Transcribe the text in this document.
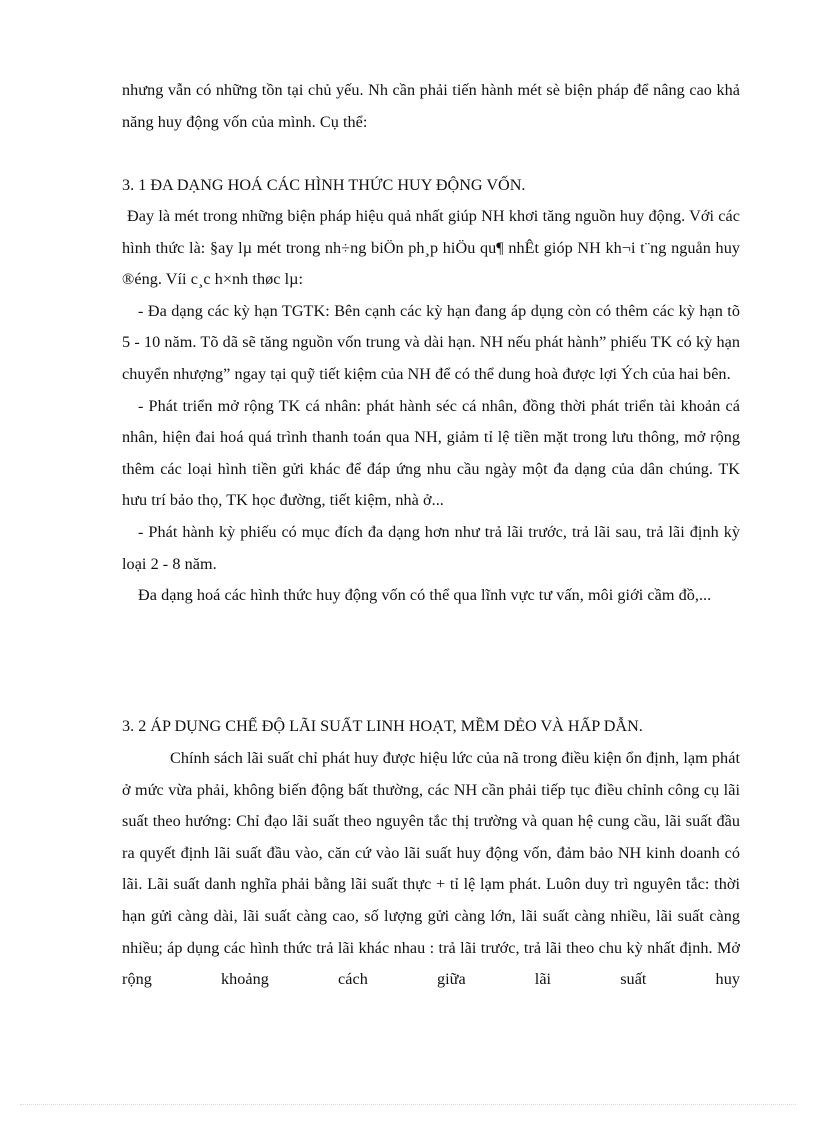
nhưng vẫn có những tồn tại chủ yếu. Nh cần phải tiến hành mét sè biện pháp để nâng cao khả năng huy động vốn của mình. Cụ thể:

3. 1 ĐA DẠNG HOÁ CÁC HÌNH THỨC HUY ĐỘNG VỐN.

Đay là mét trong những biện pháp hiệu quả nhất giúp NH khơi tăng nguồn huy động. Với các hình thức là: §ay lµ mét trong nh÷ng biÖn ph¸p hiÖu qu¶ nhÊt gióp NH kh¬i t¨ng nguån huy ®éng. Víi c¸c h×nh thøc lµ:

- Đa dạng các kỳ hạn TGTK: Bên cạnh các kỳ hạn đang áp dụng còn có thêm các kỳ hạn tõ 5 - 10 năm. Tõ dã sẽ tăng nguồn vốn trung và dài hạn. NH nếu phát hành” phiếu TK có kỳ hạn chuyển nhượng” ngay tại quỹ tiết kiệm của NH để có thể dung hoà được lợi Ých của hai bên.

- Phát triển mở rộng TK cá nhân: phát hành séc cá nhân, đồng thời phát triển tài khoản cá nhân, hiện đai hoá quá trình thanh toán qua NH, giảm tỉ lệ tiền mặt trong lưu thông, mở rộng thêm các loại hình tiền gửi khác để đáp ứng nhu cầu ngày một đa dạng của dân chúng. TK hưu trí bảo thọ, TK học đường, tiết kiệm, nhà ở...

- Phát hành kỳ phiếu có mục đích đa dạng hơn như trả lãi trước, trả lãi sau, trả lãi định kỳ loại 2 - 8 năm.

Đa dạng hoá các hình thức huy động vốn có thể qua lĩnh vực tư vấn, môi giới cầm đồ,...

3. 2 ÁP DỤNG CHẾ ĐỘ LÃI SUẤT LINH HOẠT, MỀM DẺO VÀ HẤP DẪN.

Chính sách lãi suất chỉ phát huy được hiệu lức của nã trong điều kiện ổn định, lạm phát ở mức vừa phải, không biến động bất thường, các NH cần phải tiếp tục điều chỉnh công cụ lãi suất theo hướng: Chỉ đạo lãi suất theo nguyên tắc thị trường và quan hệ cung cầu, lãi suất đầu ra quyết định lãi suất đầu vào, căn cứ vào lãi suất huy động vốn, đảm bảo NH kinh doanh có lãi. Lãi suất danh nghĩa phải bằng lãi suất thực + tỉ lệ lạm phát. Luôn duy trì nguyên tắc: thời hạn gửi càng dài, lãi suất càng cao, số lượng gửi càng lớn, lãi suất càng nhiều, lãi suất càng nhiều; áp dụng các hình thức trả lãi khác nhau : trả lãi trước, trả lãi theo chu kỳ nhất định. Mở rộng khoảng cách giữa lãi suất huy
